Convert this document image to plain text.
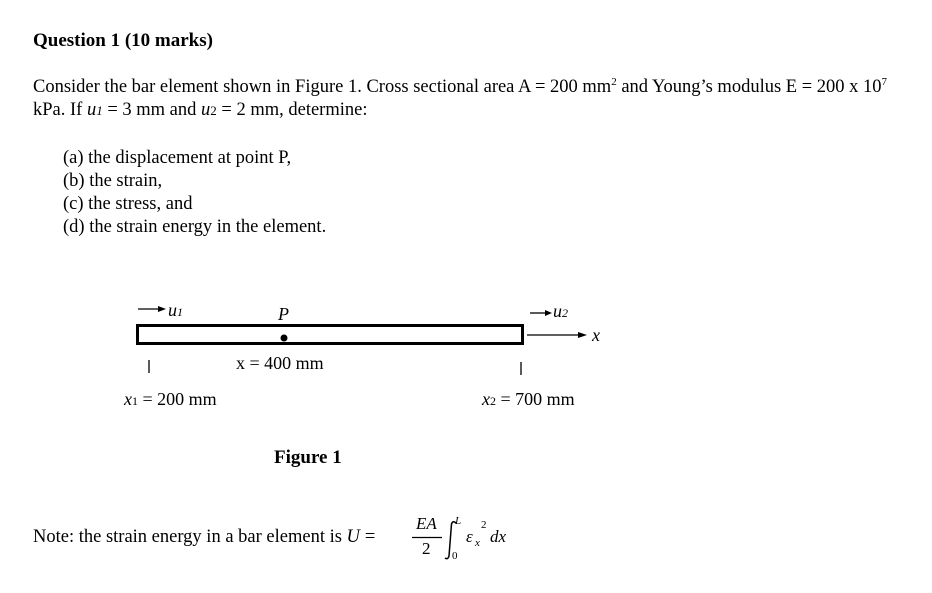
Question 1 (10 marks)
Consider the bar element shown in Figure 1. Cross sectional area A = 200 $mm^2$ and Young’s modulus E = 200 x $10^7$ kPa. If u1 = 3 mm and u2 = 2 mm, determine:
(a) the displacement at point P,
(b) the strain,
(c) the stress, and
(d) the strain energy in the element.
u1	P	u2
x
x = 400 mm
x1 = 200 mm	x2 = 700 mm
Figure 1
Note: the strain energy in a bar element is U =
EA
2
L
0
ε x
2
dx
